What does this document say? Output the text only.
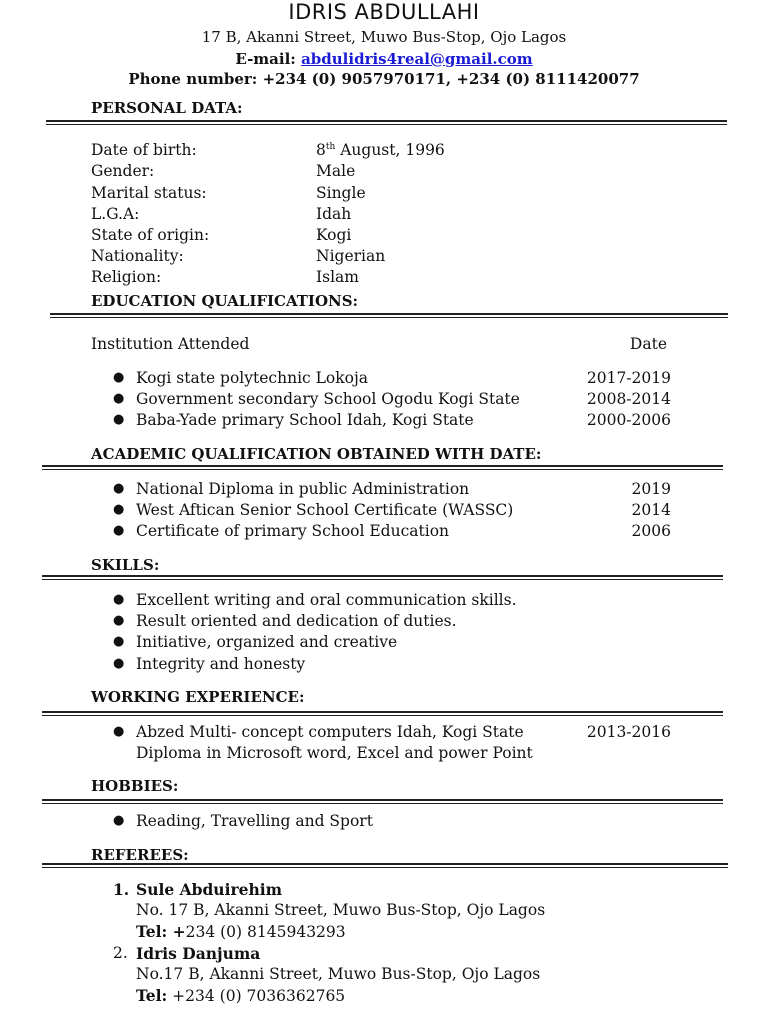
IDRIS ABDULLAHI
17 B, Akanni Street, Muwo Bus-Stop, Ojo Lagos
E-mail: abdulidris4real@gmail.com
Phone number: +234 (0) 9057970171, +234 (0) 8111420077
PERSONAL DATA:
Date of birth:	8th August, 1996
Gender:	Male
Marital status:	Single
L.G.A:	Idah
State of origin:	Kogi
Nationality:	Nigerian
Religion:	Islam
EDUCATION QUALIFICATIONS:
Institution Attended	Date
● Kogi state polytechnic Lokoja	2017-2019
● Government secondary School Ogodu Kogi State	2008-2014
● Baba-Yade primary School Idah, Kogi State	2000-2006
ACADEMIC QUALIFICATION OBTAINED WITH DATE:
● National Diploma in public Administration	2019
● West Aftican Senior School Certificate (WASSC)	2014
● Certificate of primary School Education	2006
SKILLS:
● Excellent writing and oral communication skills.
● Result oriented and dedication of duties.
● Initiative, organized and creative
● Integrity and honesty
WORKING EXPERIENCE:
● Abzed Multi- concept computers Idah, Kogi State	2013-2016
Diploma in Microsoft word, Excel and power Point
HOBBIES:
● Reading, Travelling and Sport
REFEREES:
1. Sule Abduirehim
No. 17 B, Akanni Street, Muwo Bus-Stop, Ojo Lagos
Tel: +234 (0) 8145943293
2. Idris Danjuma
No.17 B, Akanni Street, Muwo Bus-Stop, Ojo Lagos
Tel: +234 (0) 7036362765
